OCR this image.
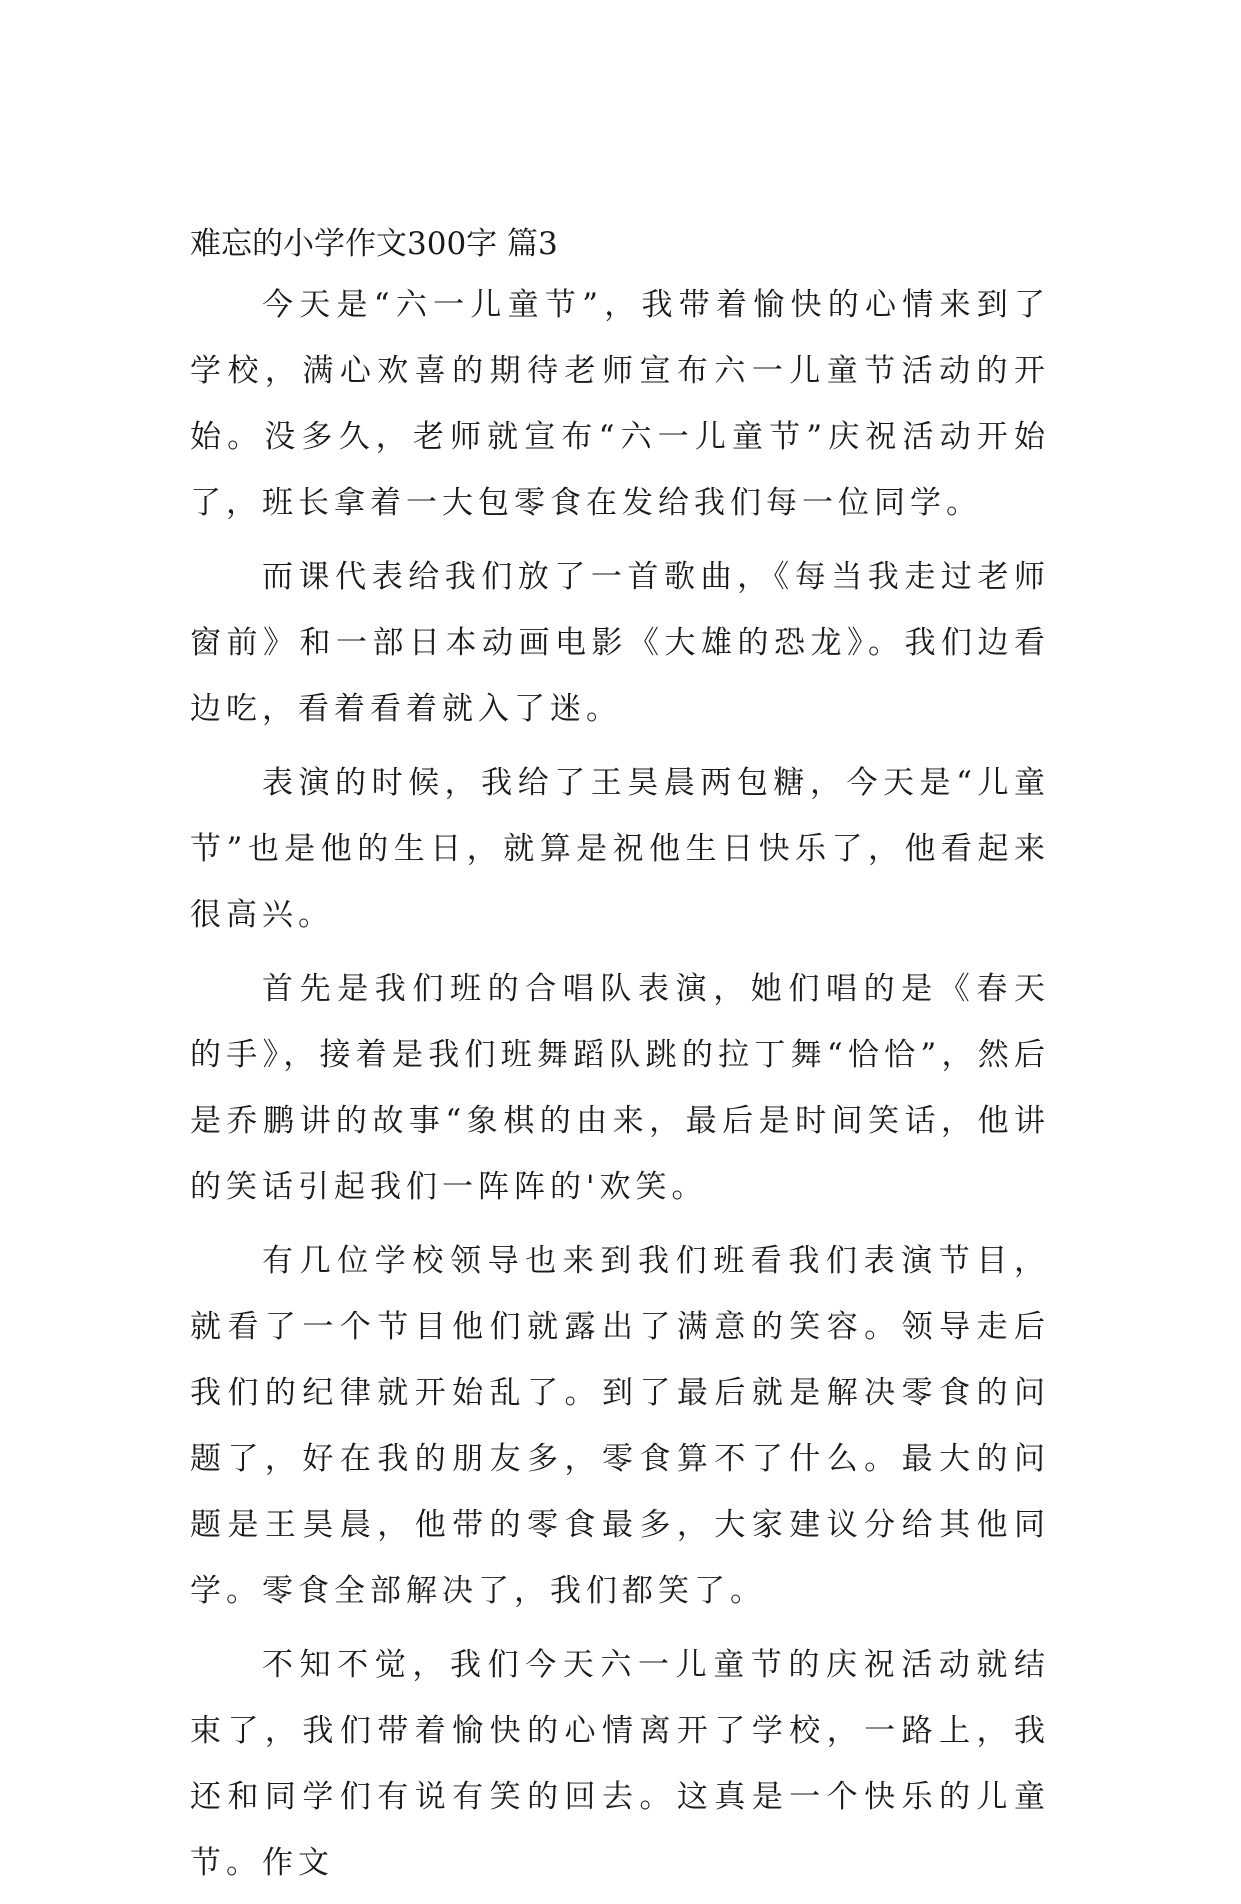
难忘的小学作文300字 篇3

今天是“六一儿童节”，我带着愉快的心情来到了学校，满心欢喜的期待老师宣布六一儿童节活动的开始。没多久，老师就宣布“六一儿童节”庆祝活动开始了，班长拿着一大包零食在发给我们每一位同学。

而课代表给我们放了一首歌曲，《每当我走过老师窗前》和一部日本动画电影《大雄的恐龙》。我们边看边吃，看着看着就入了迷。

表演的时候，我给了王昊晨两包糖，今天是“儿童节”也是他的生日，就算是祝他生日快乐了，他看起来很高兴。

首先是我们班的合唱队表演，她们唱的是《春天的手》，接着是我们班舞蹈队跳的拉丁舞“恰恰”，然后是乔鹏讲的故事“象棋的由来，最后是时间笑话，他讲的笑话引起我们一阵阵的'欢笑。

有几位学校领导也来到我们班看我们表演节目，就看了一个节目他们就露出了满意的笑容。领导走后我们的纪律就开始乱了。到了最后就是解决零食的问题了，好在我的朋友多，零食算不了什么。最大的问题是王昊晨，他带的零食最多，大家建议分给其他同学。零食全部解决了，我们都笑了。

不知不觉，我们今天六一儿童节的庆祝活动就结束了，我们带着愉快的心情离开了学校，一路上，我还和同学们有说有笑的回去。这真是一个快乐的儿童节。作文
